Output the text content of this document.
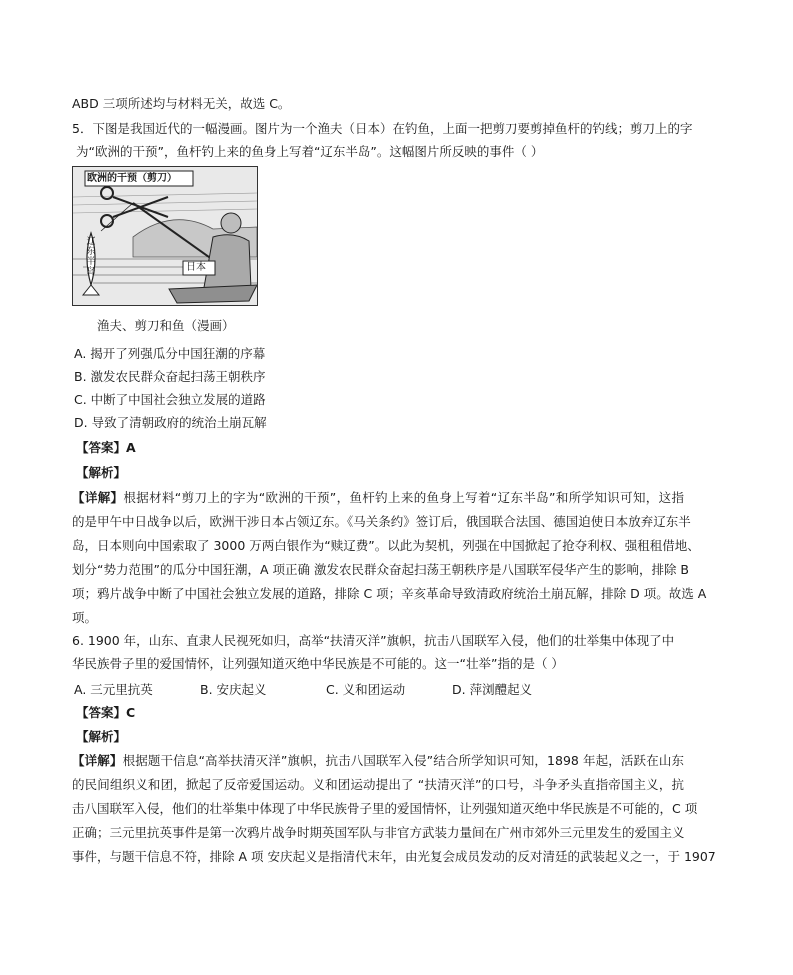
ABD 三项所述均与材料无关，故选 C。
5．下图是我国近代的一幅漫画。图片为一个渔夫（日本）在钓鱼，上面一把剪刀要剪掉鱼杆的钓线；剪刀上的字
为“欧洲的干预”，鱼杆钓上来的鱼身上写着“辽东半岛”。这幅图片所反映的事件（ ）
欧洲的干预（剪刀）
辽东半岛	日本
渔夫、剪刀和鱼（漫画）
A. 揭开了列强瓜分中国狂潮的序幕
B. 激发农民群众奋起扫荡王朝秩序
C. 中断了中国社会独立发展的道路
D. 导致了清朝政府的统治土崩瓦解
【答案】A
【解析】
【详解】根据材料“剪刀上的字为“欧洲的干预”，鱼杆钓上来的鱼身上写着“辽东半岛”和所学知识可知，这指
的是甲午中日战争以后，欧洲干涉日本占领辽东。《马关条约》签订后，俄国联合法国、德国迫使日本放弃辽东半
岛，日本则向中国索取了 3000 万两白银作为“赎辽费”。以此为契机，列强在中国掀起了抢夺利权、强租租借地、
划分“势力范围”的瓜分中国狂潮，A 项正确 激发农民群众奋起扫荡王朝秩序是八国联军侵华产生的影响，排除 B
项；鸦片战争中断了中国社会独立发展的道路，排除 C 项；辛亥革命导致清政府统治土崩瓦解，排除 D 项。故选 A
项。
6. 1900 年，山东、直隶人民视死如归，高举“扶清灭洋”旗帜，抗击八国联军入侵，他们的壮举集中体现了中
华民族骨子里的爱国情怀，让列强知道灭绝中华民族是不可能的。这一“壮举”指的是（ ）
A. 三元里抗英	B. 安庆起义	C. 义和团运动	D. 萍浏醴起义
【答案】C
【解析】
【详解】根据题干信息“高举扶清灭洋”旗帜，抗击八国联军入侵”结合所学知识可知，1898 年起，活跃在山东
的民间组织义和团，掀起了反帝爱国运动。义和团运动提出了 “扶清灭洋”的口号，斗争矛头直指帝国主义，抗
击八国联军入侵，他们的壮举集中体现了中华民族骨子里的爱国情怀，让列强知道灭绝中华民族是不可能的，C 项
正确；三元里抗英事件是第一次鸦片战争时期英国军队与非官方武装力量间在广州市郊外三元里发生的爱国主义
事件，与题干信息不符，排除 A 项 安庆起义是指清代末年，由光复会成员发动的反对清廷的武装起义之一，于 1907
